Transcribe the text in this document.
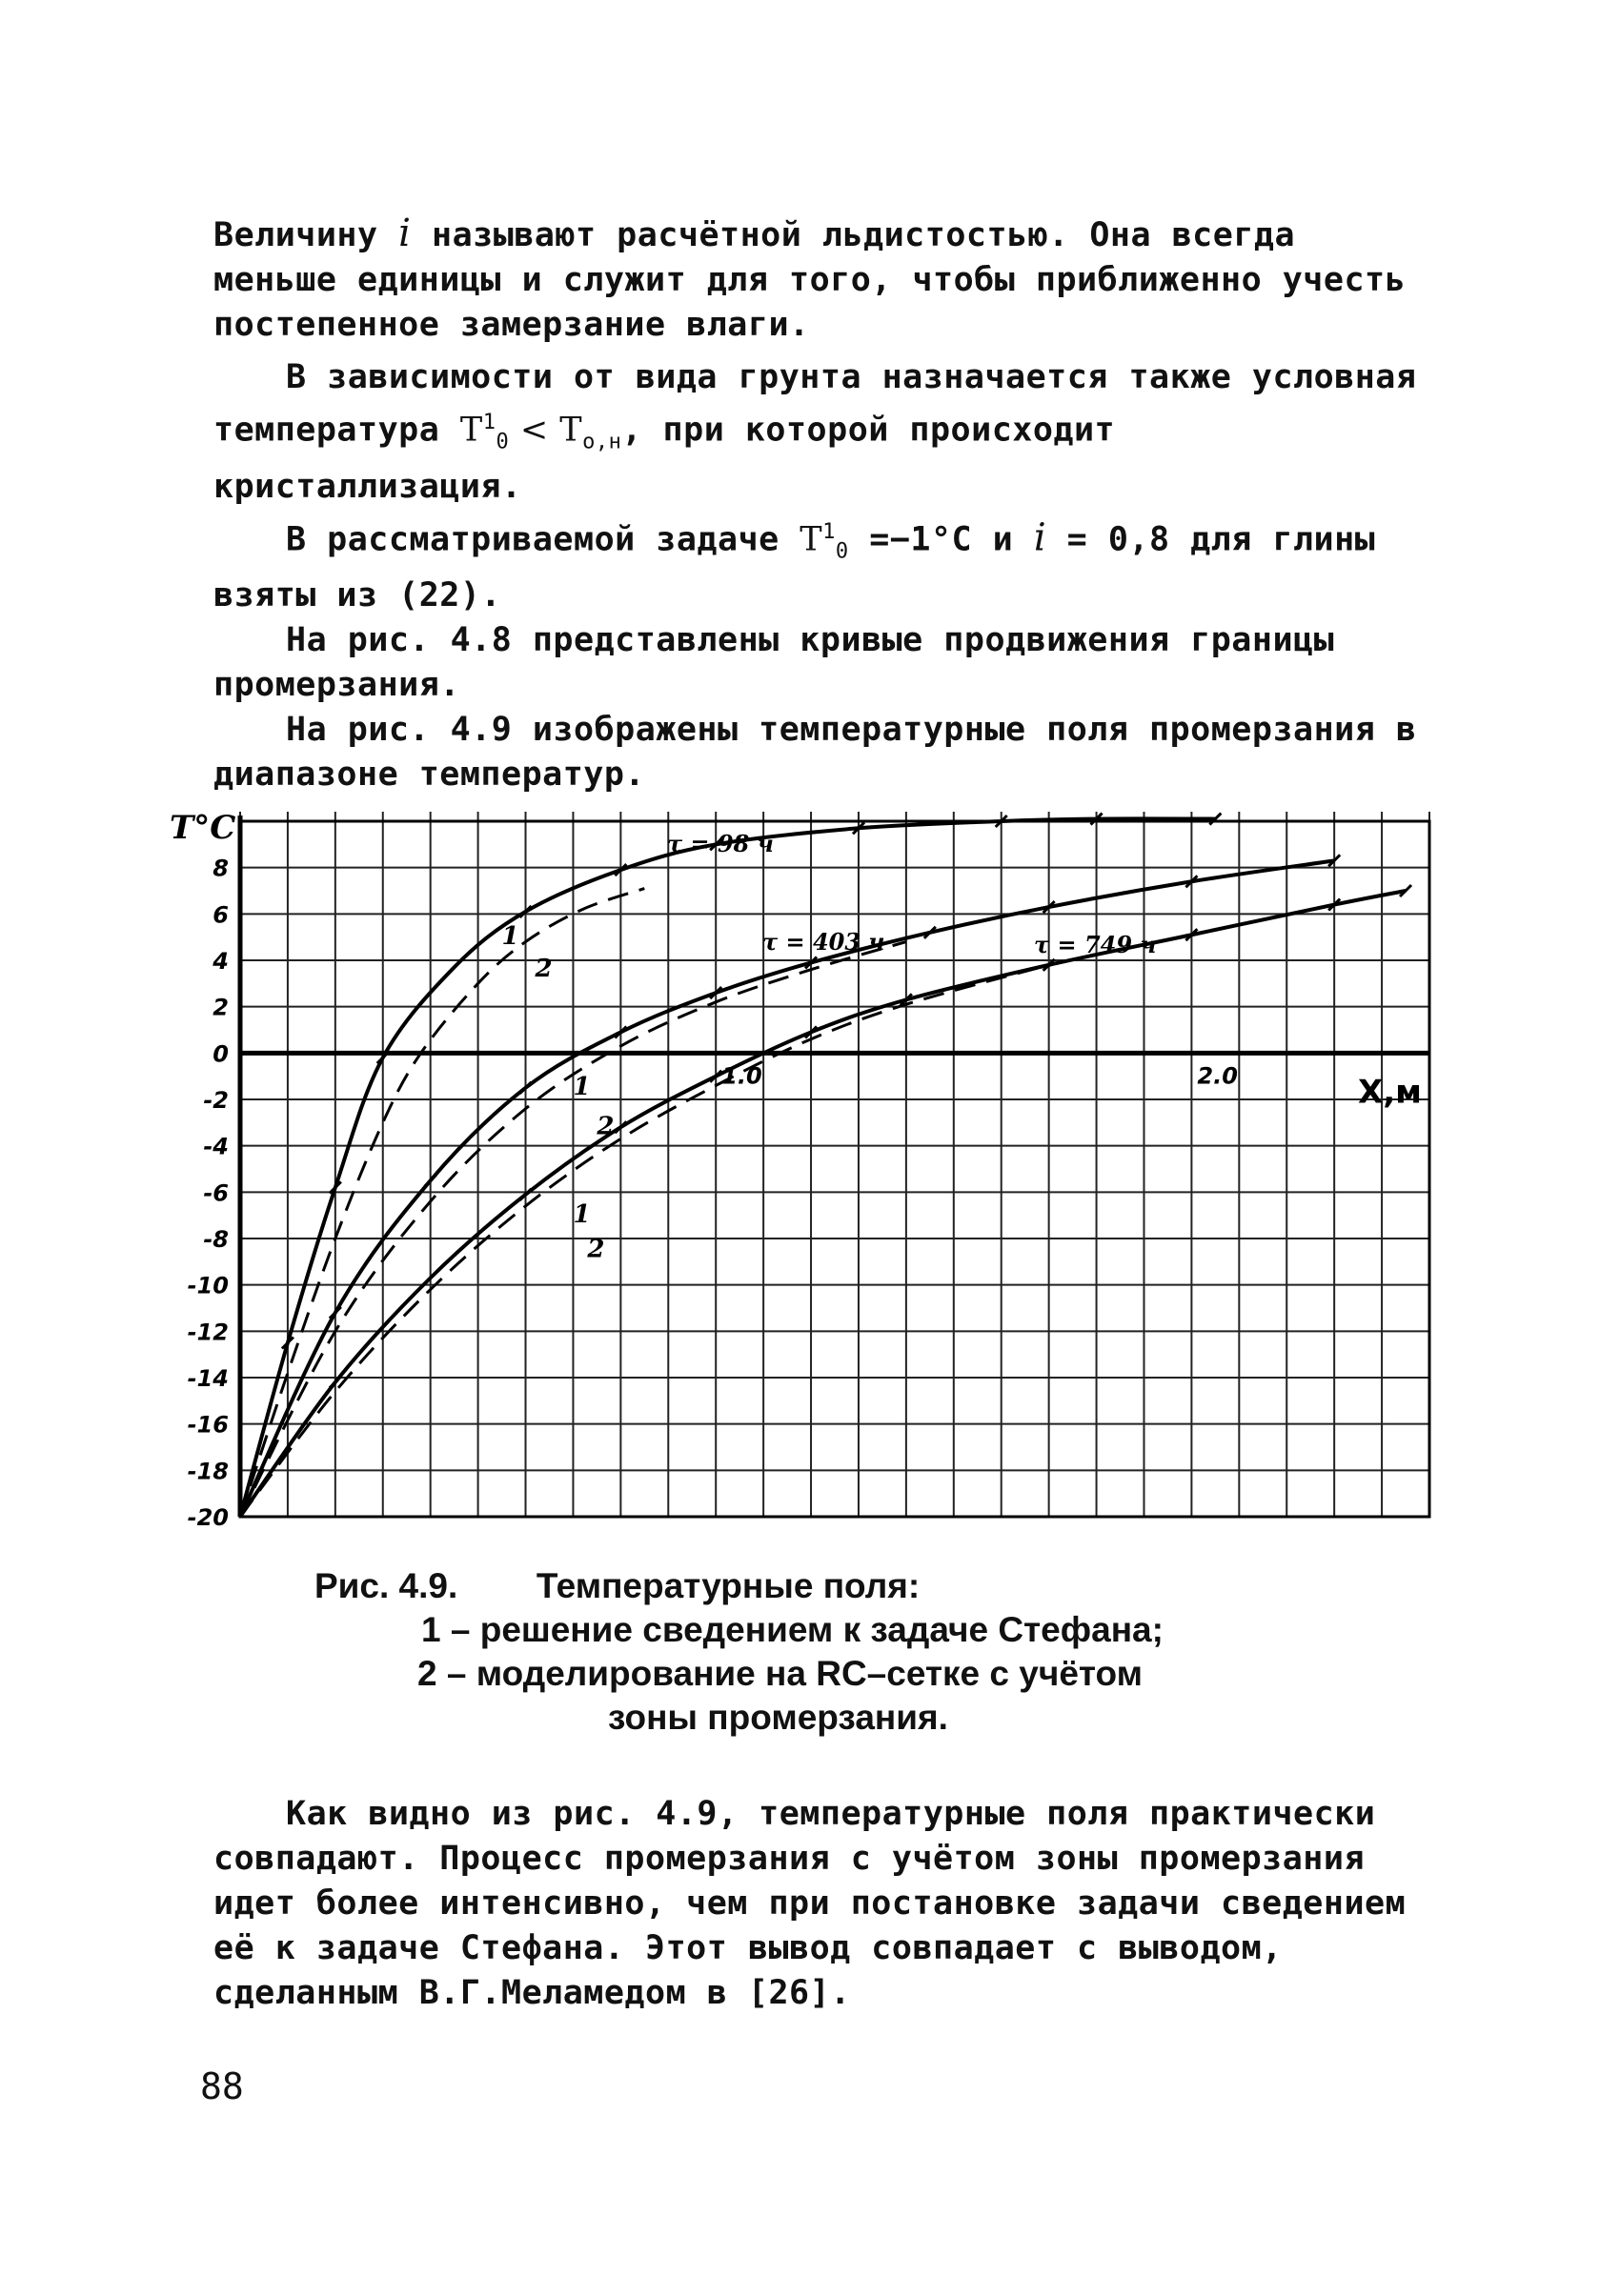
Величину i называют расчётной льдистостью. Она всегда меньше единицы и служит для того, чтобы приближенно учесть постепенное замерзание влаги.

В зависимости от вида грунта назначается также условная температура $T^1_0 < T_{о,н}$, при которой происходит кристаллизация.

В рассматриваемой задаче $T^1_0 =-1^\circ С$ и i = 0,8 для глины взяты из (22).

На рис. 4.8 представлены кривые продвижения границы промерзания.

На рис. 4.9 изображены температурные поля промерзания в диапазоне температур.

8
6
4
2
0
-2
-4
-6
-8
-10
-12
-14
-16
-18
-20
T°C
1.0	2.0	X,м
τ = 98 ч
τ = 403 ч	τ = 749 ч
1
2
1
2
1
2
Рис. 4.9. Температурные поля:
1 – решение сведением к задаче Стефана;
2 – моделирование на RC–сетке с учётом
зоны промерзания.

Как видно из рис. 4.9, температурные поля практически совпадают. Процесс промерзания с учётом зоны промерзания идет более интенсивно, чем при постановке задачи сведением её к задаче Стефана. Этот вывод совпадает с выводом, сделанным В.Г.Меламедом в [26].

88
